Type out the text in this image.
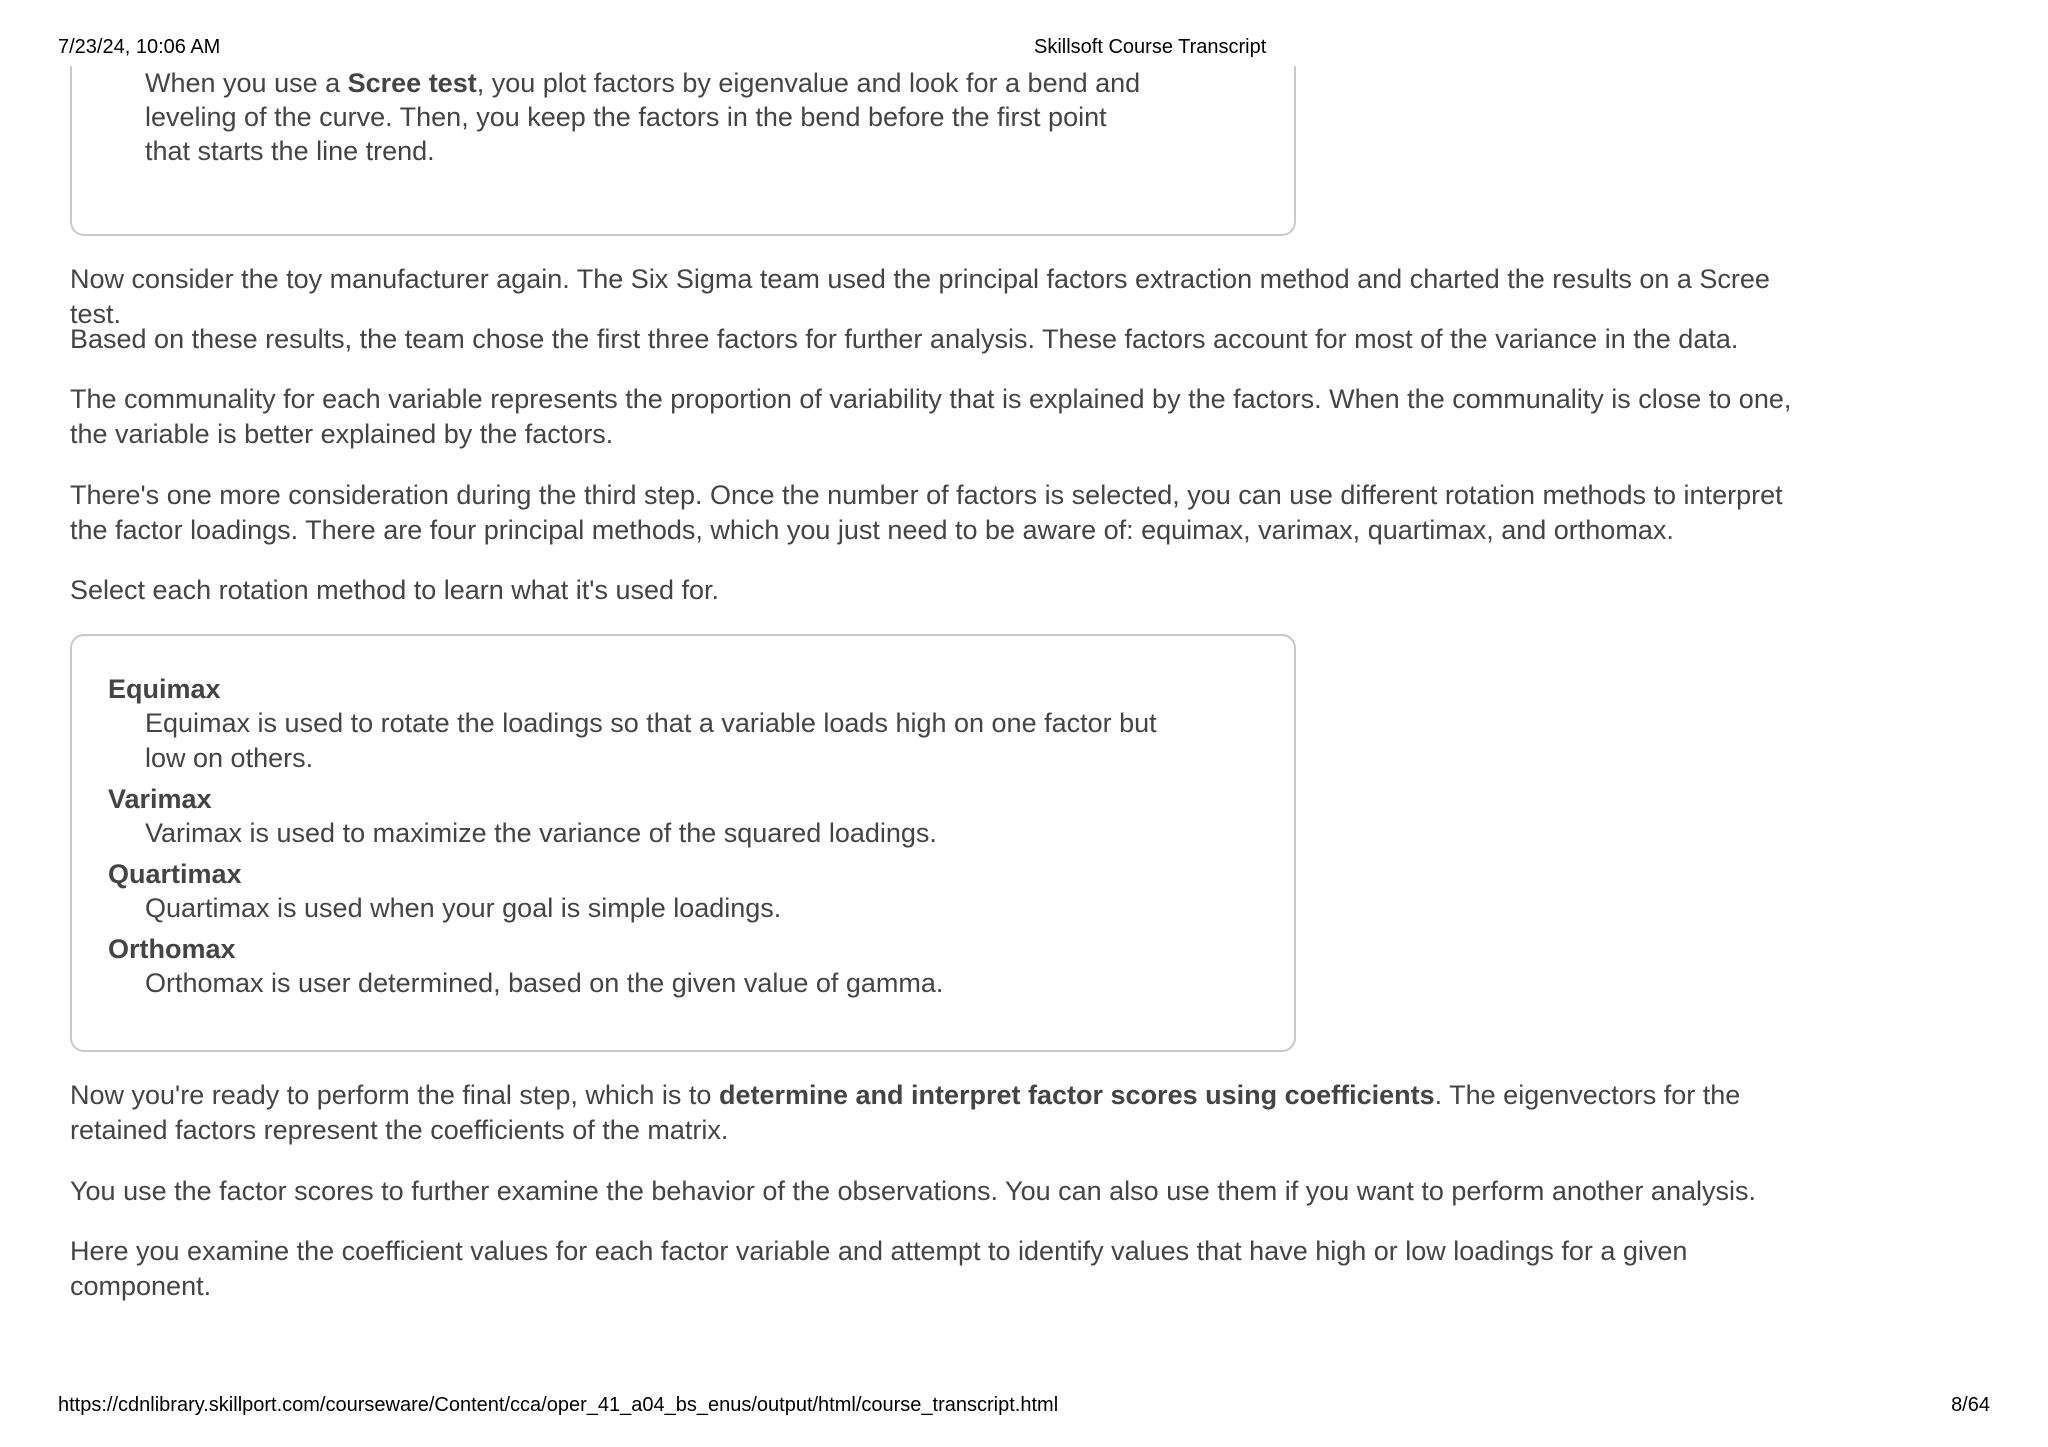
7/23/24, 10:06 AM	Skillsoft Course Transcript
When you use a Scree test, you plot factors by eigenvalue and look for a bend and leveling of the curve. Then, you keep the factors in the bend before the first point that starts the line trend.

Now consider the toy manufacturer again. The Six Sigma team used the principal factors extraction method and charted the results on a Scree test.

Based on these results, the team chose the first three factors for further analysis. These factors account for most of the variance in the data.

The communality for each variable represents the proportion of variability that is explained by the factors. When the communality is close to one, the variable is better explained by the factors.

There's one more consideration during the third step. Once the number of factors is selected, you can use different rotation methods to interpret the factor loadings. There are four principal methods, which you just need to be aware of: equimax, varimax, quartimax, and orthomax.

Select each rotation method to learn what it's used for.

Equimax
Equimax is used to rotate the loadings so that a variable loads high on one factor but low on others.
Varimax
Varimax is used to maximize the variance of the squared loadings.
Quartimax
Quartimax is used when your goal is simple loadings.
Orthomax
Orthomax is user determined, based on the given value of gamma.

Now you're ready to perform the final step, which is to determine and interpret factor scores using coefficients. The eigenvectors for the retained factors represent the coefficients of the matrix.

You use the factor scores to further examine the behavior of the observations. You can also use them if you want to perform another analysis.

Here you examine the coefficient values for each factor variable and attempt to identify values that have high or low loadings for a given component.

https://cdnlibrary.skillport.com/courseware/Content/cca/oper_41_a04_bs_enus/output/html/course_transcript.html	8/64
